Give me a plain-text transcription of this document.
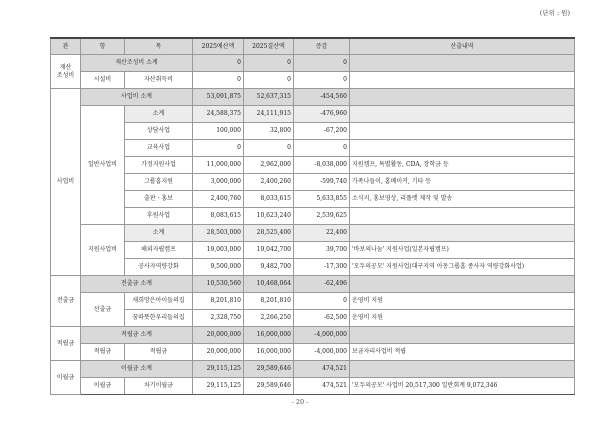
(단위 : 원)
관	항	목	2025예산액	2025결산액	증감	산출내역
재산
조성비	재산조성비 소계		0	0	0	
	시설비	자산취득비	0	0	0	
사업비	사업비 소계		53,091,875	52,637,315	-454,560	
	일반사업비	소계	24,588,375	24,111,915	-476,960	
		상담사업	100,000	32,800	-67,200	
		교육사업	0	0	0	
		가정지원사업	11,000,000	2,962,000	-8,038,000	지원캠프, 특별활동, CDA, 장학금 등
		그룹홈지원	3,000,000	2,400,260	-599,740	가족나들이, 홈베이커, 기타 등
		출판 · 홍보	2,400,760	8,033,615	5,633,855	소식지, 홍보영상, 리플렛 제작 및 발송
		후원사업	8,083,615	10,623,240	2,539,625	
	지원사업비	소계	28,503,000	28,525,400	22,400	
		해외자립캠프	19,003,000	19,042,700	39,700	'바보의나눔' 지원사업(일본자립캠프)
		공사자역량강화	9,500,000	9,482,700	-17,300	'모두의공모' 지원사업(대구지역 아동그룹홈 종사자 역량강화사업)
전출금	전출금 소계		10,530,560	10,468,064	-62,496	
	선출금	새희망은아이들의집	8,201,810	8,201,810	0	운영비 지원
		꿈따뜻한우리들의집	2,328,750	2,266,250	-62,500	운영비 지원
적립금	적립금 소계		20,000,000	16,000,000	-4,000,000	
	적립금	적립금	20,000,000	16,000,000	-4,000,000	보금자리사업비 적립
이월금	이월금 소계		29,115,125	29,589,646	474,521	
	이월금	차기이월금	29,115,125	29,589,646	474,521	'모두의공모' 사업비 20,517,300 일반회계 9,072,346
- 20 -
